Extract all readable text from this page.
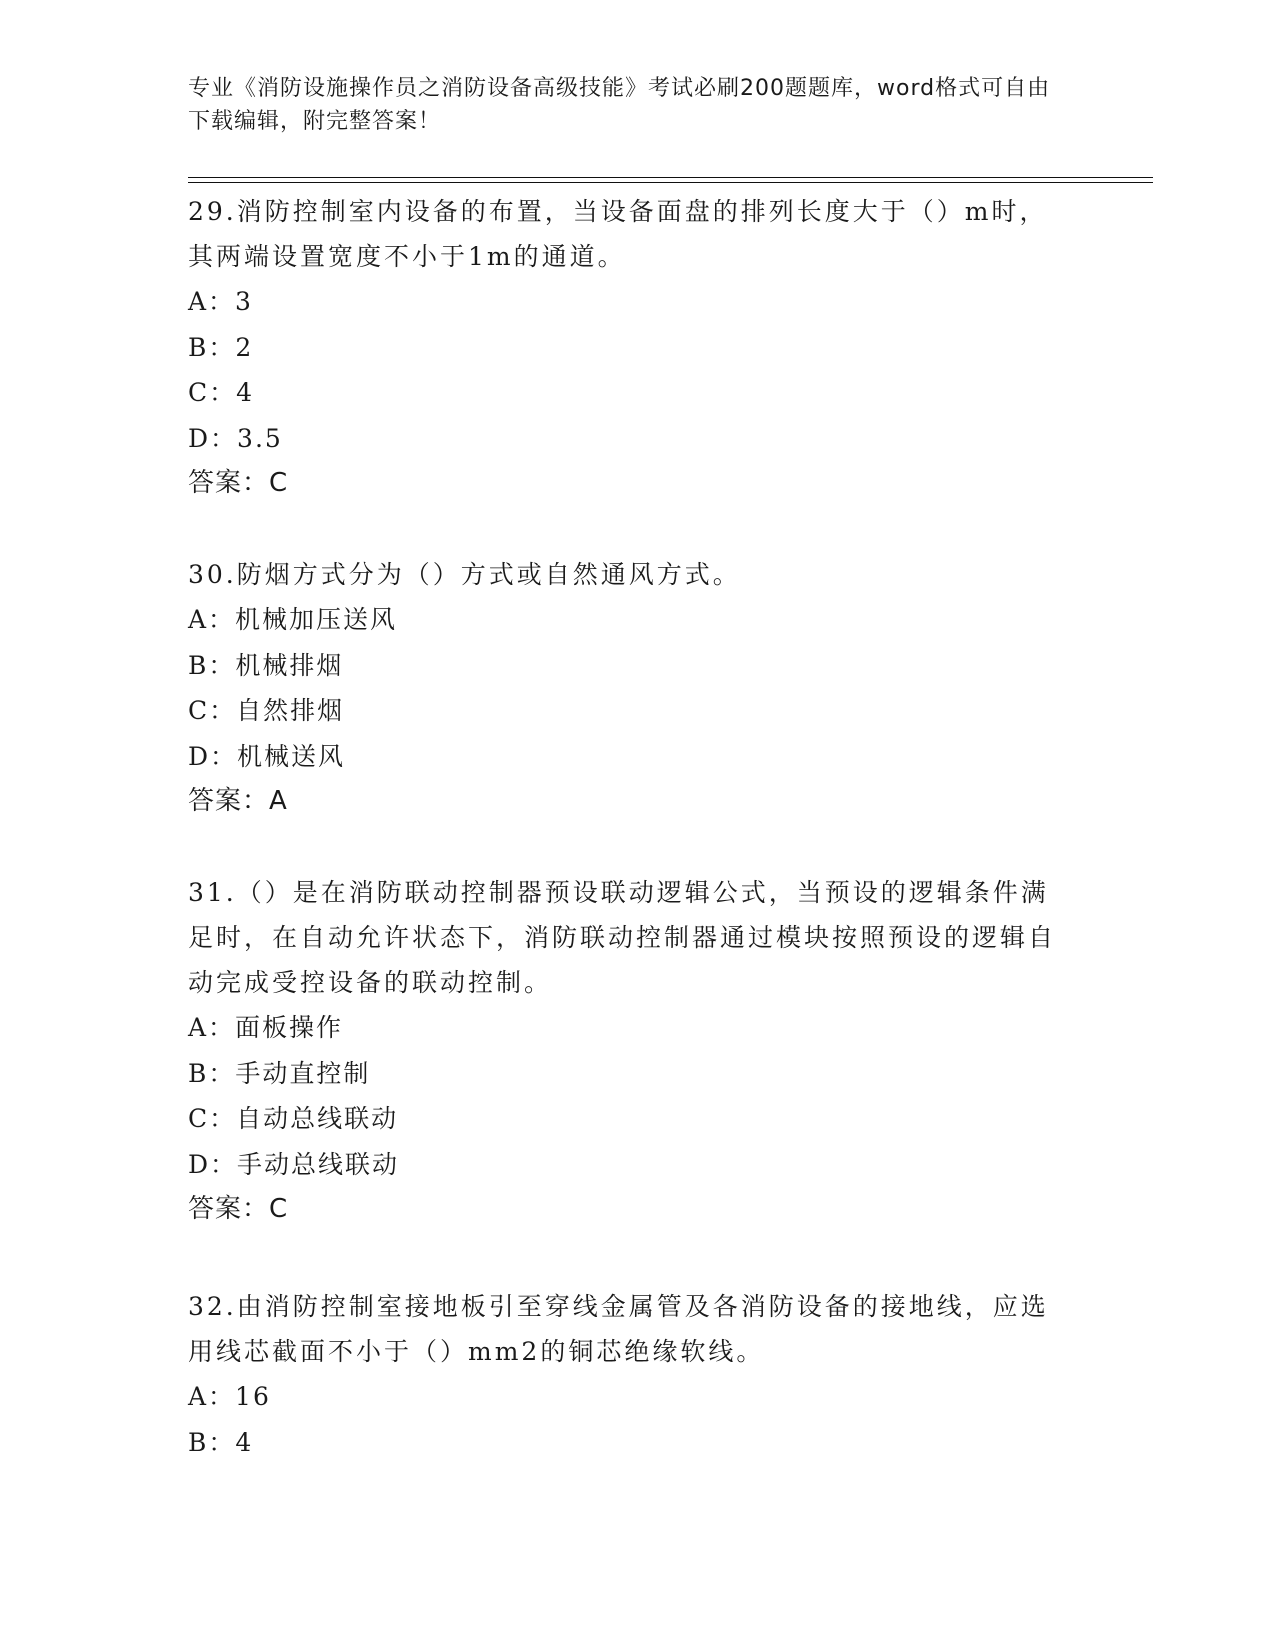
专业《消防设施操作员之消防设备高级技能》考试必刷200题题库，word格式可自由下载编辑，附完整答案！

29.消防控制室内设备的布置，当设备面盘的排列长度大于（）m时，其两端设置宽度不小于1m的通道。

A：3

B：2

C：4

D：3.5

答案：C

30.防烟方式分为（）方式或自然通风方式。

A：机械加压送风

B：机械排烟

C：自然排烟

D：机械送风

答案：A

31.（）是在消防联动控制器预设联动逻辑公式，当预设的逻辑条件满足时，在自动允许状态下，消防联动控制器通过模块按照预设的逻辑自动完成受控设备的联动控制。

A：面板操作

B：手动直控制

C：自动总线联动

D：手动总线联动

答案：C

32.由消防控制室接地板引至穿线金属管及各消防设备的接地线，应选用线芯截面不小于（）mm2的铜芯绝缘软线。

A：16

B：4
